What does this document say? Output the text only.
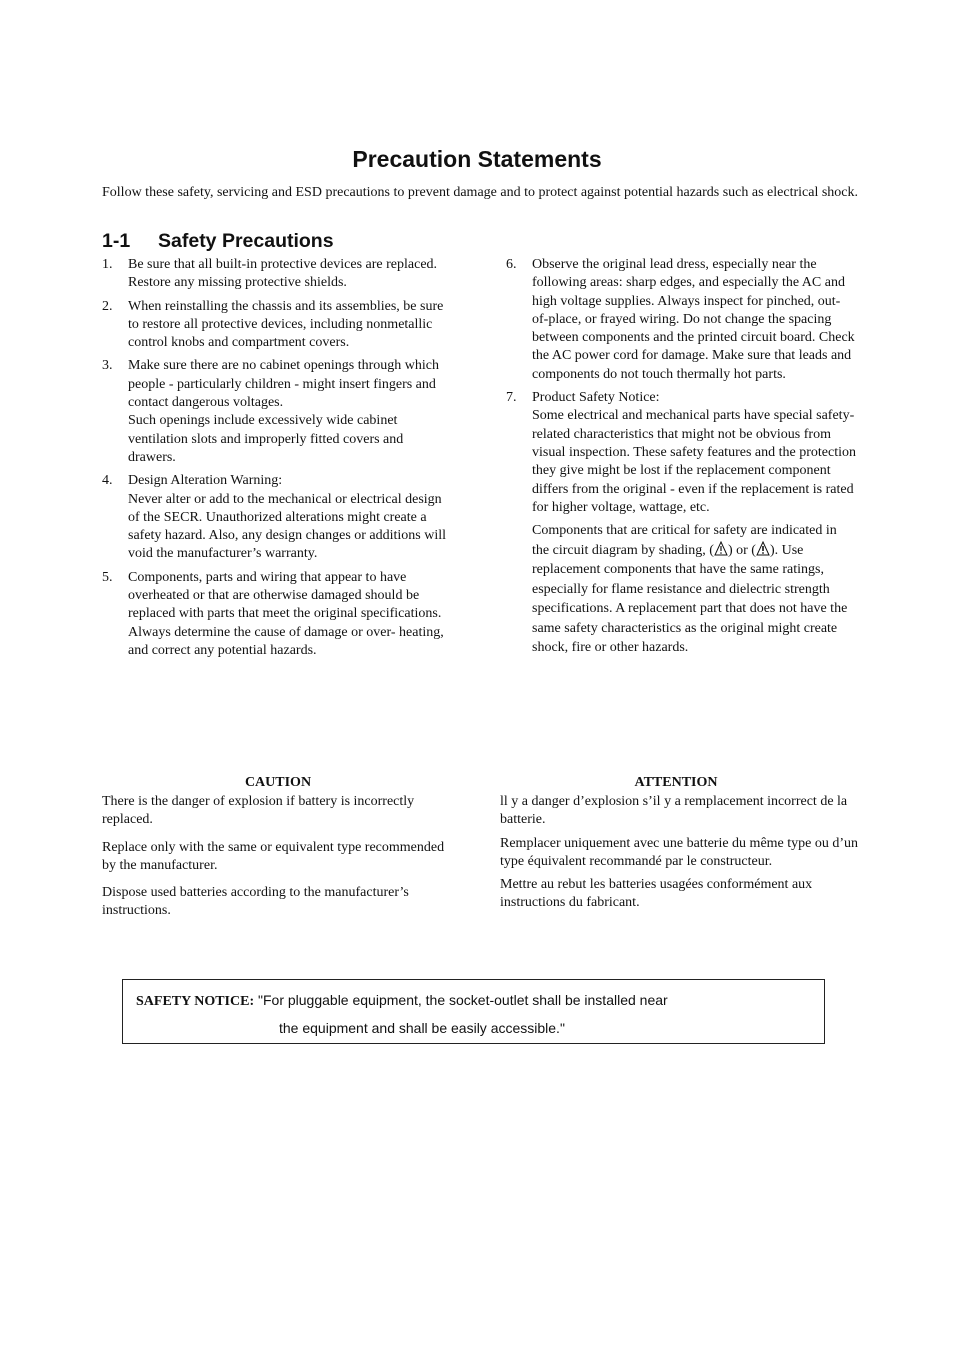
Precaution Statements
Follow these safety, servicing and ESD precautions to prevent damage and to protect against potential hazards such as electrical shock.
1-1 Safety Precautions
1. Be sure that all built-in protective devices are replaced. Restore any missing protective shields.
2. When reinstalling the chassis and its assemblies, be sure to restore all protective devices, including nonmetallic control knobs and compartment covers.
3. Make sure there are no cabinet openings through which people - particularly children - might insert fingers and contact dangerous voltages.
Such openings include excessively wide cabinet ventilation slots and improperly fitted covers and drawers.
4. Design Alteration Warning:
Never alter or add to the mechanical or electrical design of the SECR. Unauthorized alterations might create a safety hazard. Also, any design changes or additions will void the manufacturer’s warranty.
5. Components, parts and wiring that appear to have overheated or that are otherwise damaged should be replaced with parts that meet the original specifications. Always determine the cause of damage or over- heating, and correct any potential hazards.
6. Observe the original lead dress, especially near the following areas: sharp edges, and especially the AC and high voltage supplies. Always inspect for pinched, out-of-place, or frayed wiring. Do not change the spacing between components and the printed circuit board. Check the AC power cord for damage. Make sure that leads and components do not touch thermally hot parts.
7. Product Safety Notice:
Some electrical and mechanical parts have special safety-related characteristics that might not be obvious from visual inspection. These safety features and the protection they give might be lost if the replacement component differs from the original - even if the replacement is rated for higher voltage, wattage, etc.
Components that are critical for safety are indicated in the circuit diagram by shading, ( ) or ( ). Use replacement components that have the same ratings, especially for flame resistance and dielectric strength specifications. A replacement part that does not have the same safety characteristics as the original might create shock, fire or other hazards.
CAUTION

There is the danger of explosion if battery is incorrectly replaced.

Replace only with the same or equivalent type recommended by the manufacturer.

Dispose used batteries according to the manufacturer’s instructions.

ATTENTION

ll y a danger d’explosion s’il y a remplacement incorrect de la batterie.

Remplacer uniquement avec une batterie du même type ou d’un type équivalent recommandé par le constructeur.

Mettre au rebut les batteries usagées conformément aux instructions du fabricant.

SAFETY NOTICE: "For pluggable equipment, the socket-outlet shall be installed near
the equipment and shall be easily accessible."
